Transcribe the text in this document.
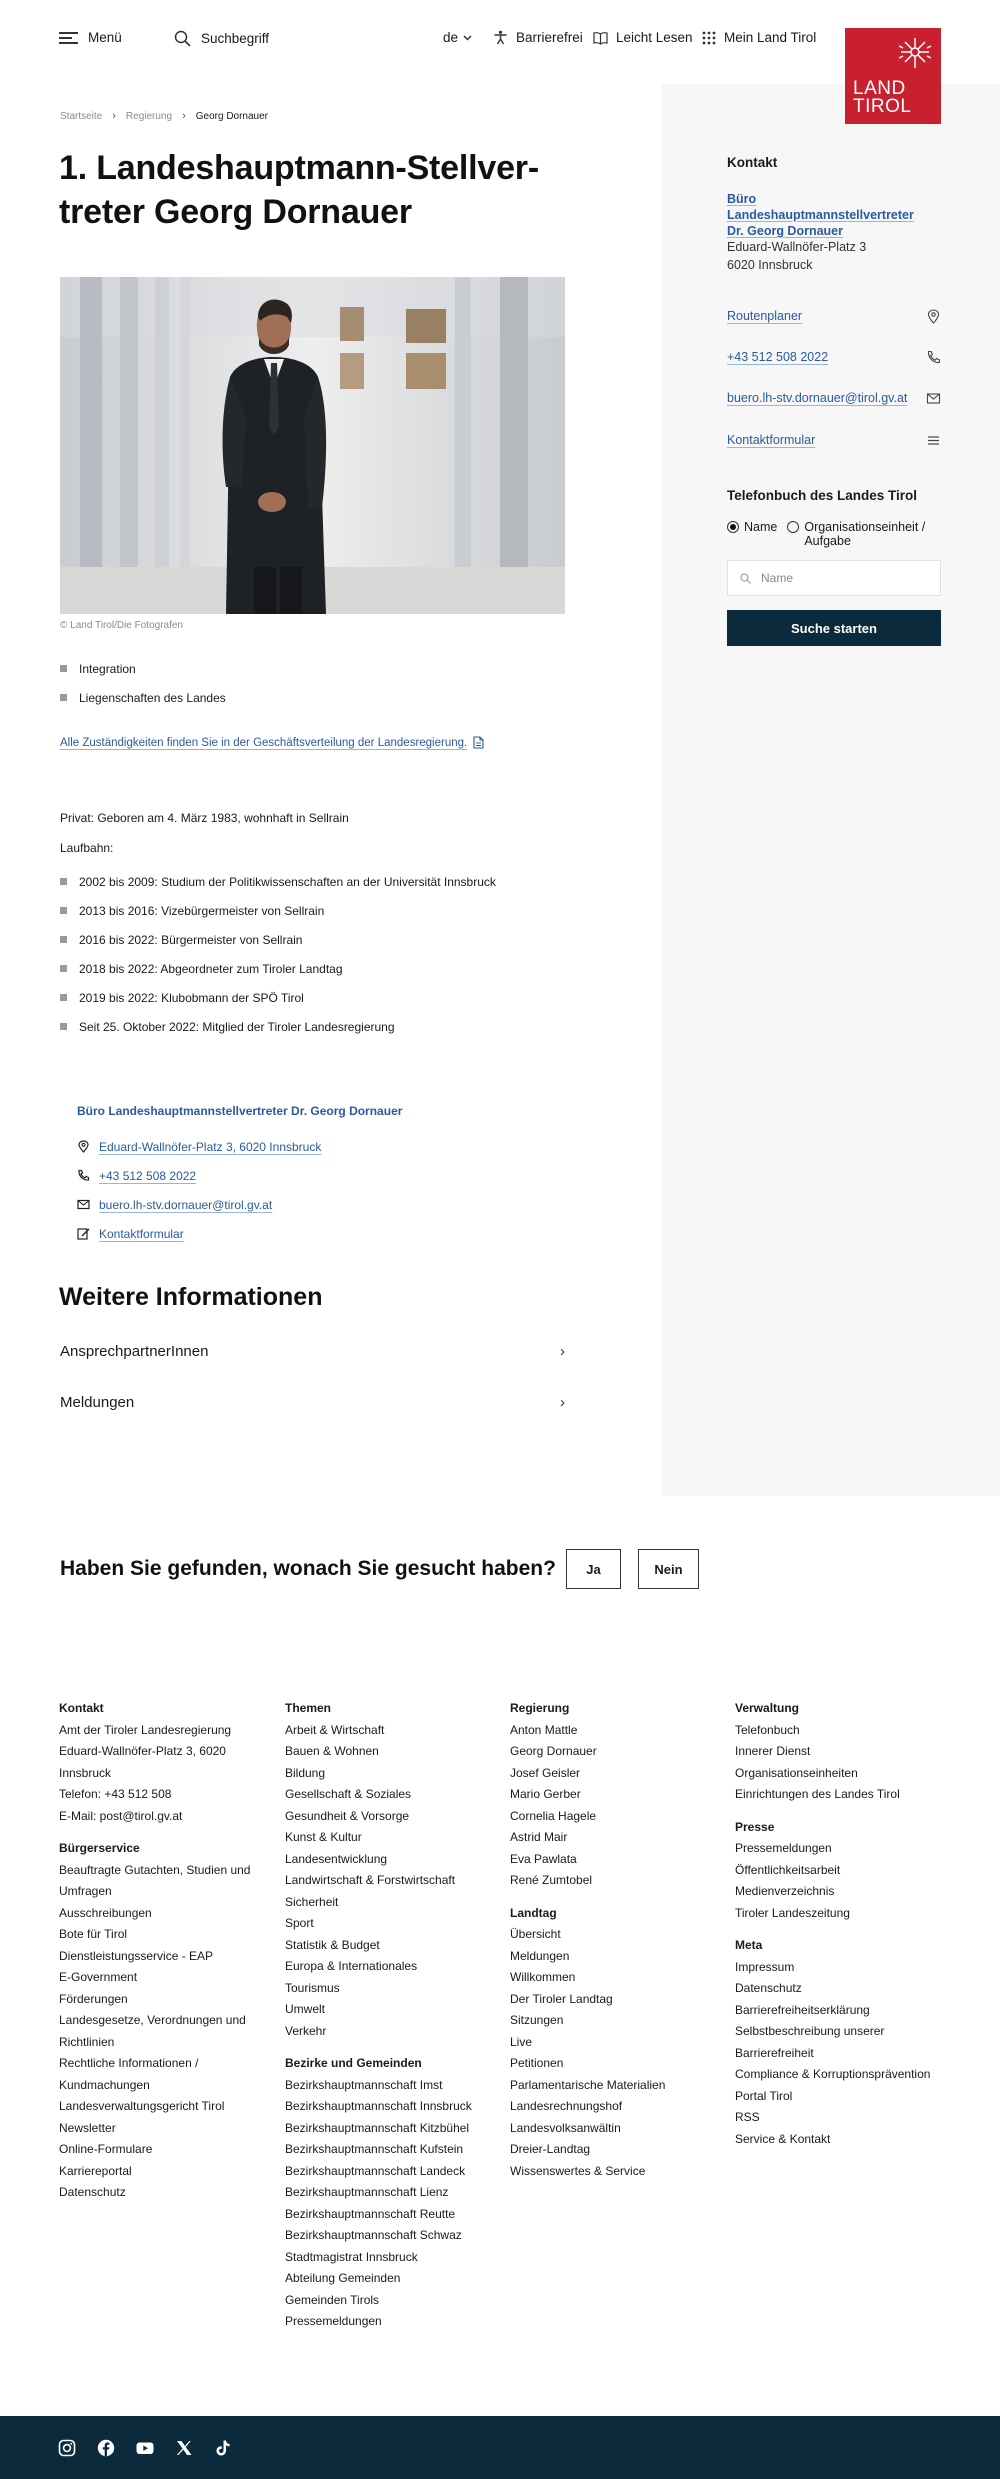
Menü	Suchbegriff	de	Barrierefrei Leicht Lesen Mein Land Tirol
LAND
TIROL
Startseite › Regierung › Georg Dornauer
1. Landeshauptmann-Stellver-
treter Georg Dornauer
© Land Tirol/Die Fotografen
Integration
Liegenschaften des Landes
Alle Zuständigkeiten finden Sie in der Geschäftsverteilung der Landesregierung.
Privat: Geboren am 4. März 1983, wohnhaft in Sellrain
Laufbahn:
2002 bis 2009: Studium der Politikwissenschaften an der Universität Innsbruck
2013 bis 2016: Vizebürgermeister von Sellrain
2016 bis 2022: Bürgermeister von Sellrain
2018 bis 2022: Abgeordneter zum Tiroler Landtag
2019 bis 2022: Klubobmann der SPÖ Tirol
Seit 25. Oktober 2022: Mitglied der Tiroler Landesregierung
Büro Landeshauptmannstellvertreter Dr. Georg Dornauer
Eduard-Wallnöfer-Platz 3, 6020 Innsbruck
+43 512 508 2022
buero.lh-stv.dornauer@tirol.gv.at
Kontaktformular
Weitere Informationen
AnsprechpartnerInnen	›
Meldungen	›
Kontakt
Büro Landeshauptmannstellvertreter Dr. Georg Dornauer
Eduard-Wallnöfer-Platz 3
6020 Innsbruck
Routenplaner
+43 512 508 2022
buero.lh-stv.dornauer@tirol.gv.at
Kontaktformular
Telefonbuch des Landes Tirol
Name Organisationseinheit / Aufgabe
Name
Suche starten
Haben Sie gefunden, wonach Sie gesucht haben?	Ja	Nein
Kontakt
Amt der Tiroler Landesregierung
Eduard-Wallnöfer-Platz 3, 6020
Innsbruck
Telefon: +43 512 508
E-Mail: post@tirol.gv.at
Bürgerservice
Beauftragte Gutachten, Studien und
Umfragen
Ausschreibungen
Bote für Tirol
Dienstleistungsservice - EAP
E-Government
Förderungen
Landesgesetze, Verordnungen und
Richtlinien
Rechtliche Informationen /
Kundmachungen
Landesverwaltungsgericht Tirol
Newsletter
Online-Formulare
Karriereportal
Datenschutz
Themen
Arbeit & Wirtschaft
Bauen & Wohnen
Bildung
Gesellschaft & Soziales
Gesundheit & Vorsorge
Kunst & Kultur
Landesentwicklung
Landwirtschaft & Forstwirtschaft
Sicherheit
Sport
Statistik & Budget
Europa & Internationales
Tourismus
Umwelt
Verkehr
Bezirke und Gemeinden
Bezirkshauptmannschaft Imst
Bezirkshauptmannschaft Innsbruck
Bezirkshauptmannschaft Kitzbühel
Bezirkshauptmannschaft Kufstein
Bezirkshauptmannschaft Landeck
Bezirkshauptmannschaft Lienz
Bezirkshauptmannschaft Reutte
Bezirkshauptmannschaft Schwaz
Stadtmagistrat Innsbruck
Abteilung Gemeinden
Gemeinden Tirols
Pressemeldungen
Regierung
Anton Mattle
Georg Dornauer
Josef Geisler
Mario Gerber
Cornelia Hagele
Astrid Mair
Eva Pawlata
René Zumtobel
Landtag
Übersicht
Meldungen
Willkommen
Der Tiroler Landtag
Sitzungen
Live
Petitionen
Parlamentarische Materialien
Landesrechnungshof
Landesvolksanwältin
Dreier-Landtag
Wissenswertes & Service
Verwaltung
Telefonbuch
Innerer Dienst
Organisationseinheiten
Einrichtungen des Landes Tirol
Presse
Pressemeldungen
Öffentlichkeitsarbeit
Medienverzeichnis
Tiroler Landeszeitung
Meta
Impressum
Datenschutz
Barrierefreiheitserklärung
Selbstbeschreibung unserer
Barrierefreiheit
Compliance & Korruptionsprävention
Portal Tirol
RSS
Service & Kontakt
